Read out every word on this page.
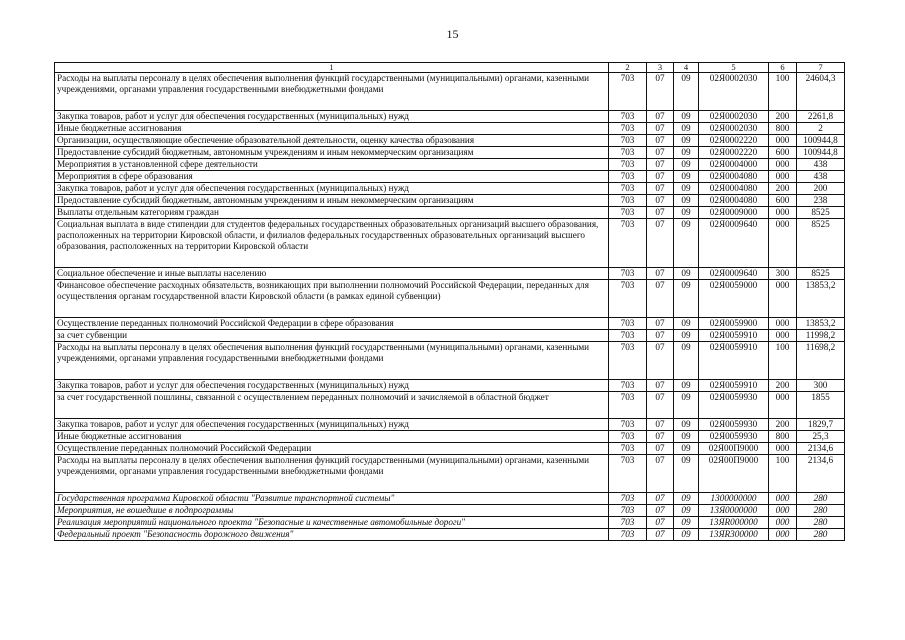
15
1	2	3	4	5	6	7
Расходы на выплаты персоналу в целях обеспечения выполнения функций государственными (муниципальными) органами, казенными учреждениями, органами управления государственными внебюджетными фондами	703	07	09	02Я0002030	100	24604,3
Закупка товаров, работ и услуг для обеспечения государственных (муниципальных) нужд	703	07	09	02Я0002030	200	2261,8
Иные бюджетные ассигнования	703	07	09	02Я0002030	800	2
Организации, осуществляющие обеспечение образовательной деятельности, оценку качества образования	703	07	09	02Я0002220	000	100944,8
Предоставление субсидий бюджетным, автономным учреждениям и иным некоммерческим организациям	703	07	09	02Я0002220	600	100944,8
Мероприятия в установленной сфере деятельности	703	07	09	02Я0004000	000	438
Мероприятия в сфере образования	703	07	09	02Я0004080	000	438
Закупка товаров, работ и услуг для обеспечения государственных (муниципальных) нужд	703	07	09	02Я0004080	200	200
Предоставление субсидий бюджетным, автономным учреждениям и иным некоммерческим организациям	703	07	09	02Я0004080	600	238
Выплаты отдельным категориям граждан	703	07	09	02Я0009000	000	8525
Социальная выплата в виде стипендии для студентов федеральных государственных образовательных организаций высшего образования, расположенных на территории Кировской области, и филиалов федеральных государственных образовательных организаций высшего образования, расположенных на территории Кировской области	703	07	09	02Я0009640	000	8525
Социальное обеспечение и иные выплаты населению	703	07	09	02Я0009640	300	8525
Финансовое обеспечение расходных обязательств, возникающих при выполнении полномочий Российской Федерации, переданных для осуществления органам государственной власти Кировской области (в рамках единой субвенции)	703	07	09	02Я0059000	000	13853,2
Осуществление переданных полномочий Российской Федерации в сфере образования	703	07	09	02Я0059900	000	13853,2
за счет субвенции	703	07	09	02Я0059910	000	11998,2
Расходы на выплаты персоналу в целях обеспечения выполнения функций государственными (муниципальными) органами, казенными учреждениями, органами управления государственными внебюджетными фондами	703	07	09	02Я0059910	100	11698,2
Закупка товаров, работ и услуг для обеспечения государственных (муниципальных) нужд	703	07	09	02Я0059910	200	300
за счет государственной пошлины, связанной с осуществлением переданных полномочий и зачисляемой в областной бюджет	703	07	09	02Я0059930	000	1855
Закупка товаров, работ и услуг для обеспечения государственных (муниципальных) нужд	703	07	09	02Я0059930	200	1829,7
Иные бюджетные ассигнования	703	07	09	02Я0059930	800	25,3
Осуществление переданных полномочий Российской Федерации	703	07	09	02Я00П9000	000	2134,6
Расходы на выплаты персоналу в целях обеспечения выполнения функций государственными (муниципальными) органами, казенными учреждениями, органами управления государственными внебюджетными фондами	703	07	09	02Я00П9000	100	2134,6
Государственная программа Кировской области "Развитие транспортной системы"	703	07	09	1300000000	000	280
Мероприятия, не вошедшие в подпрограммы	703	07	09	13Я0000000	000	280
Реализация мероприятий национального проекта "Безопасные и качественные автомобильные дороги"	703	07	09	13ЯR000000	000	280
Федеральный проект "Безопасность дорожного движения"	703	07	09	13ЯR300000	000	280
